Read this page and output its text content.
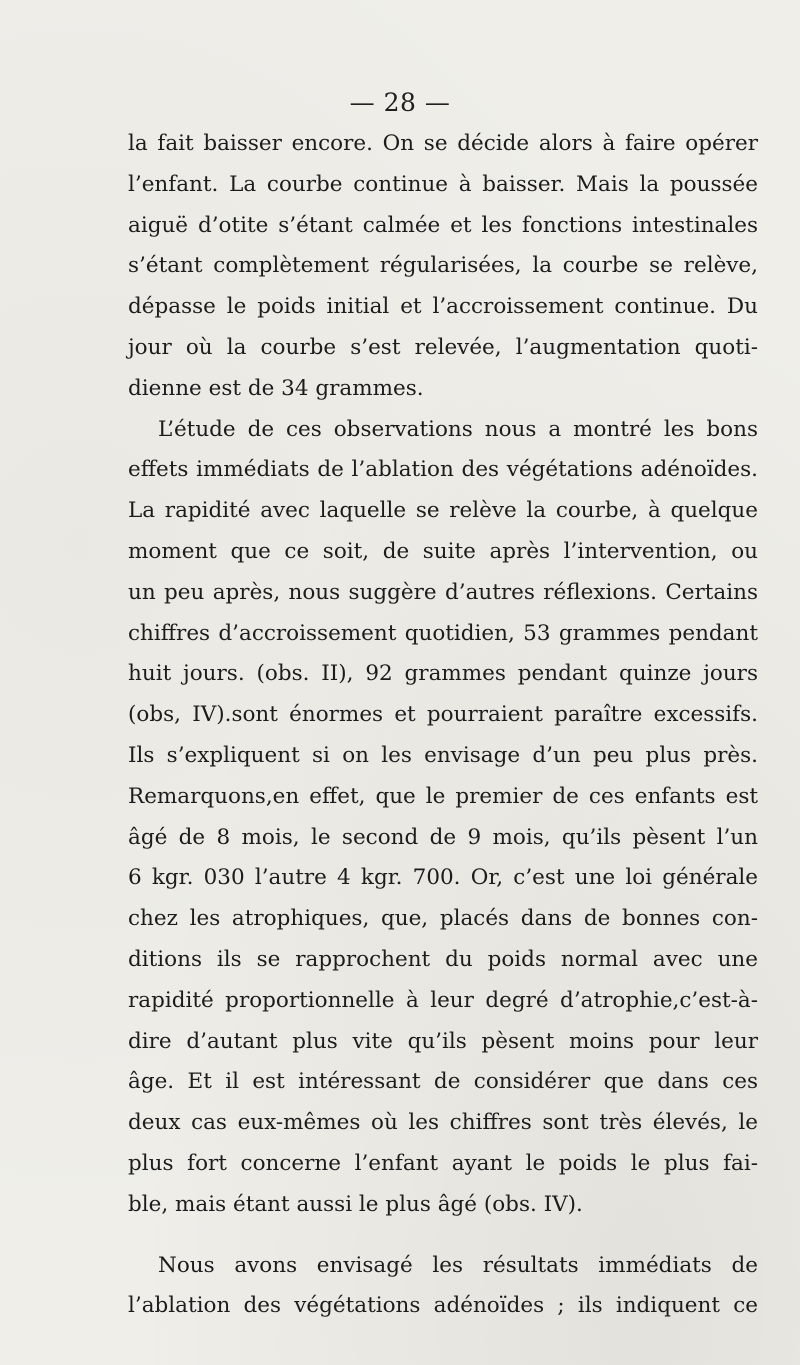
— 28 —
la fait baisser encore. On se décide alors à faire opérer
l’enfant. La courbe continue à baisser. Mais la poussée
aiguë d’otite s’étant calmée et les fonctions intestinales
s’étant complètement régularisées, la courbe se relève,
dépasse le poids initial et l’accroissement continue. Du
jour où la courbe s’est relevée, l’augmentation quoti-
dienne est de 34 grammes.
L’étude de ces observations nous a montré les bons
effets immédiats de l’ablation des végétations adénoïdes.
La rapidité avec laquelle se relève la courbe, à quelque
moment que ce soit, de suite après l’intervention, ou
un peu après, nous suggère d’autres réflexions. Certains
chiffres d’accroissement quotidien, 53 grammes pendant
huit jours. (obs. II), 92 grammes pendant quinze jours
(obs, IV).sont énormes et pourraient paraître excessifs.
Ils s’expliquent si on les envisage d’un peu plus près.
Remarquons,en effet, que le premier de ces enfants est
âgé de 8 mois, le second de 9 mois, qu’ils pèsent l’un
6 kgr. 030 l’autre 4 kgr. 700. Or, c’est une loi générale
chez les atrophiques, que, placés dans de bonnes con-
ditions ils se rapprochent du poids normal avec une
rapidité proportionnelle à leur degré d’atrophie,c’est-à-
dire d’autant plus vite qu’ils pèsent moins pour leur
âge. Et il est intéressant de considérer que dans ces
deux cas eux-mêmes où les chiffres sont très élevés, le
plus fort concerne l’enfant ayant le poids le plus fai-
ble, mais étant aussi le plus âgé (obs. IV).
Nous avons envisagé les résultats immédiats de
l’ablation des végétations adénoïdes ; ils indiquent ce
